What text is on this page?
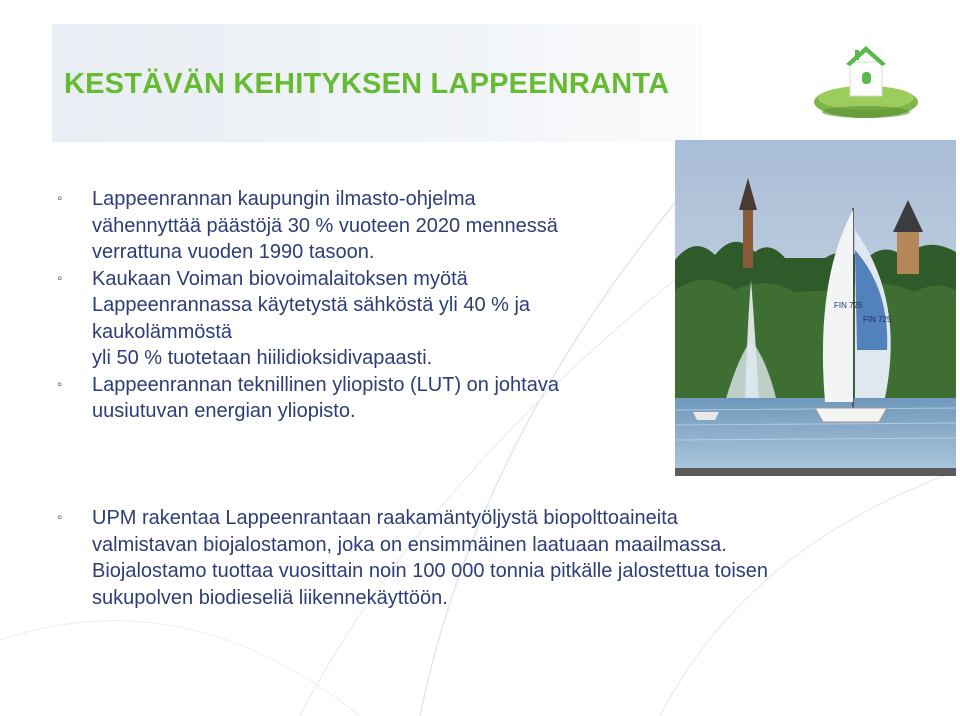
KESTÄVÄN KEHITYKSEN LAPPEENRANTA
FIN 725
FIN 725
◦ Lappeenrannan kaupungin ilmasto-ohjelma
vähennyttää päästöjä 30 % vuoteen 2020 mennessä
verrattuna vuoden 1990 tasoon.
◦ Kaukaan Voiman biovoimalaitoksen myötä
Lappeenrannassa käytetystä sähköstä yli 40 % ja
kaukolämmöstä
yli 50 % tuotetaan hiilidioksidivapaasti.
◦ Lappeenrannan teknillinen yliopisto (LUT) on johtava
uusiutuvan energian yliopisto.
◦ UPM rakentaa Lappeenrantaan raakamäntyöljystä biopolttoaineita
valmistavan biojalostamon, joka on ensimmäinen laatuaan maailmassa.
Biojalostamo tuottaa vuosittain noin 100 000 tonnia pitkälle jalostettua toisen
sukupolven biodieseliä liikennekäyttöön.
